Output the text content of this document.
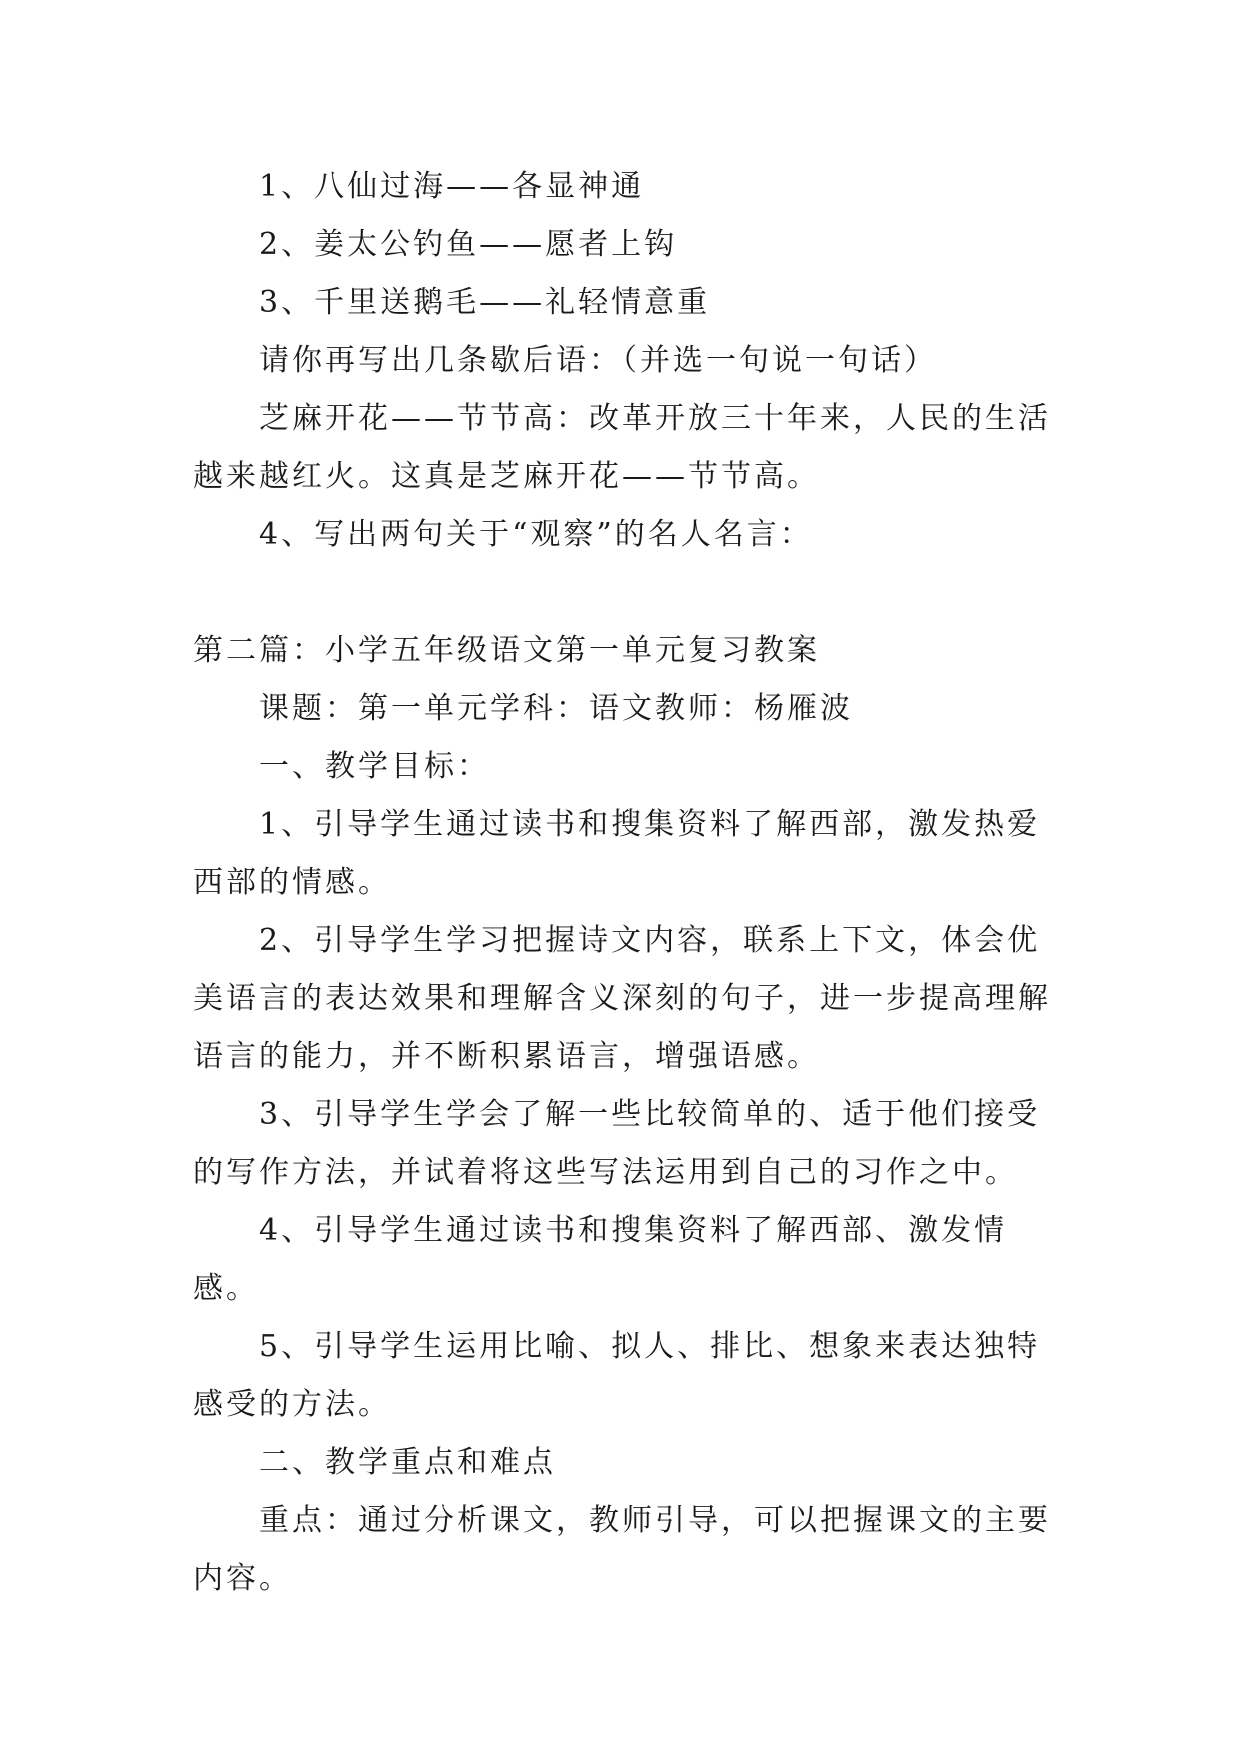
1、八仙过海——各显神通

2、姜太公钓鱼——愿者上钩

3、千里送鹅毛——礼轻情意重

请你再写出几条歇后语：（并选一句说一句话）

芝麻开花——节节高：改革开放三十年来，人民的生活越来越红火。这真是芝麻开花——节节高。

4、写出两句关于“观察”的名人名言：

第二篇：小学五年级语文第一单元复习教案

课题：第一单元学科：语文教师：杨雁波

一、教学目标：

1、引导学生通过读书和搜集资料了解西部，激发热爱西部的情感。

2、引导学生学习把握诗文内容，联系上下文，体会优美语言的表达效果和理解含义深刻的句子，进一步提高理解语言的能力，并不断积累语言，增强语感。

3、引导学生学会了解一些比较简单的、适于他们接受的写作方法，并试着将这些写法运用到自己的习作之中。

4、引导学生通过读书和搜集资料了解西部、激发情感。

5、引导学生运用比喻、拟人、排比、想象来表达独特感受的方法。

二、教学重点和难点

重点：通过分析课文，教师引导，可以把握课文的主要内容。
